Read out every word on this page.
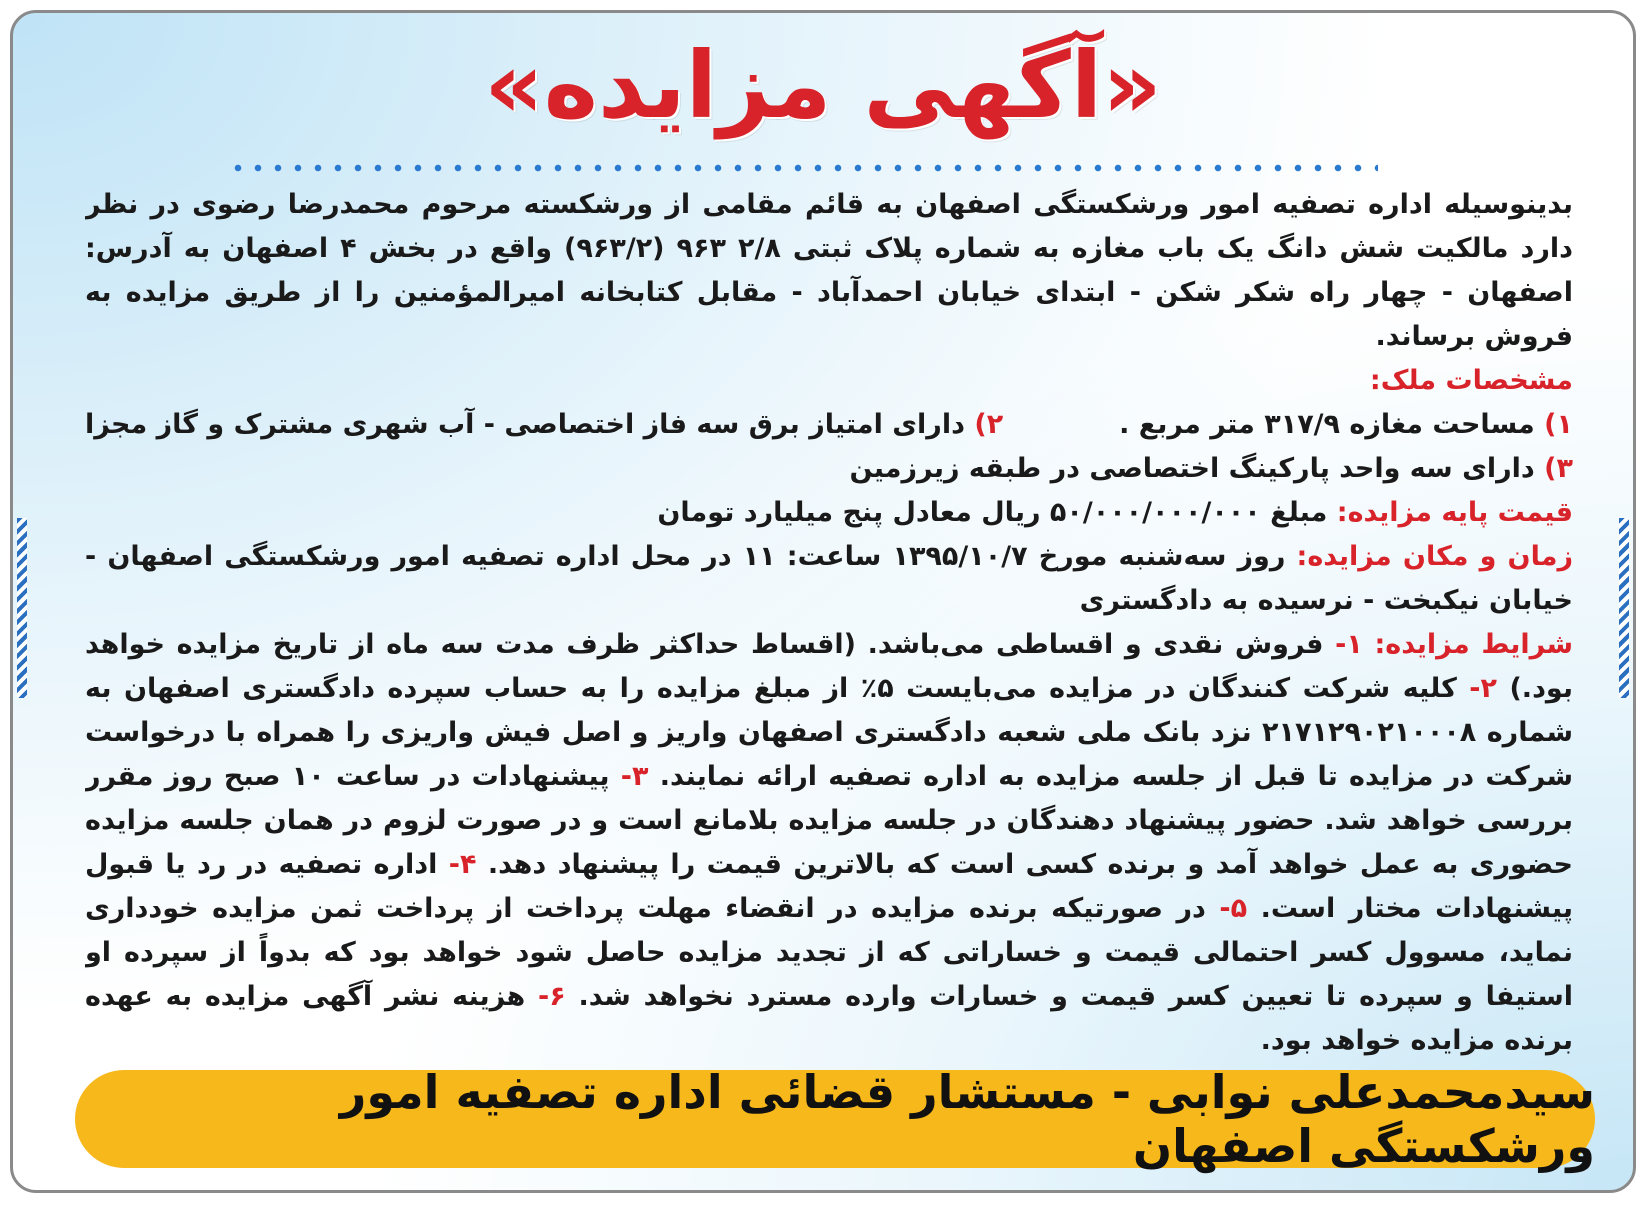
«آگهی مزایده»

بدینوسیله اداره تصفیه امور ورشکستگی اصفهان به قائم مقامی از ورشکسته مرحوم محمدرضا رضوی در نظر دارد مالکیت شش دانگ یک باب مغازه به شماره پلاک ثبتی ۲/۸ ۹۶۳ (۹۶۳/۲) واقع در بخش ۴ اصفهان به آدرس: اصفهان - چهار راه شکر شکن - ابتدای خیابان احمدآباد - مقابل کتابخانه امیرالمؤمنین را از طریق مزایده به فروش برساند.

مشخصات ملک:

۱) مساحت مغازه ۳۱۷/۹ متر مربع .

۲) دارای امتیاز برق سه فاز اختصاصی - آب شهری مشترک و گاز مجزا

۳) دارای سه واحد پارکینگ اختصاصی در طبقه زیرزمین

قیمت پایه مزایده: مبلغ ۵۰/۰۰۰/۰۰۰/۰۰۰ ریال معادل پنج میلیارد تومان

زمان و مکان مزایده: روز سه‌شنبه مورخ ۱۳۹۵/۱۰/۷ ساعت: ۱۱ در محل اداره تصفیه امور ورشکستگی اصفهان - خیابان نیکبخت - نرسیده به دادگستری

شرایط مزایده: ۱- فروش نقدی و اقساطی می‌باشد. (اقساط حداکثر ظرف مدت سه ماه از تاریخ مزایده خواهد بود.) ۲- کلیه شرکت کنندگان در مزایده می‌بایست ۵٪ از مبلغ مزایده را به حساب سپرده دادگستری اصفهان به شماره ۲۱۷۱۲۹۰۲۱۰۰۰۸ نزد بانک ملی شعبه دادگستری اصفهان واریز و اصل فیش واریزی را همراه با درخواست شرکت در مزایده تا قبل از جلسه مزایده به اداره تصفیه ارائه نمایند. ۳- پیشنهادات در ساعت ۱۰ صبح روز مقرر بررسی خواهد شد. حضور پیشنهاد دهندگان در جلسه مزایده بلامانع است و در صورت لزوم در همان جلسه مزایده حضوری به عمل خواهد آمد و برنده کسی است که بالاترین قیمت را پیشنهاد دهد. ۴- اداره تصفیه در رد یا قبول پیشنهادات مختار است. ۵- در صورتیکه برنده مزایده در انقضاء مهلت پرداخت از پرداخت ثمن مزایده خودداری نماید، مسوول کسر احتمالی قیمت و خساراتی که از تجدید مزایده حاصل شود خواهد بود که بدواً از سپرده او استیفا و سپرده تا تعیین کسر قیمت و خسارات وارده مسترد نخواهد شد. ۶- هزینه نشر آگهی مزایده به عهده برنده مزایده خواهد بود.

سیدمحمدعلی نوابی - مستشار قضائی اداره تصفیه امور ورشکستگی اصفهان
